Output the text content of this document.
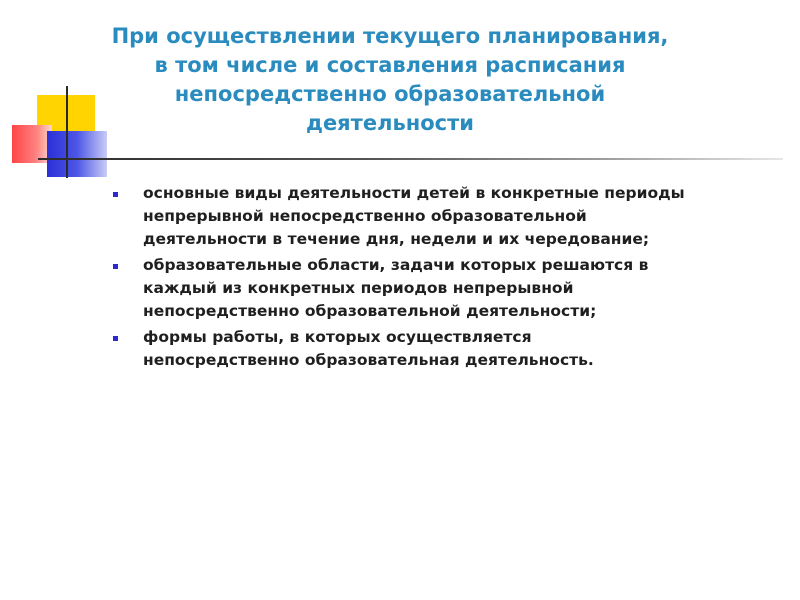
При осуществлении текущего планирования,
в том числе и составления расписания
непосредственно образовательной
деятельности
основные виды деятельности детей в конкретные периоды
непрерывной непосредственно образовательной
деятельности в течение дня, недели и их чередование;
образовательные области, задачи которых решаются в
каждый из конкретных периодов непрерывной
непосредственно образовательной деятельности;
формы работы, в которых осуществляется
непосредственно образовательная деятельность.
